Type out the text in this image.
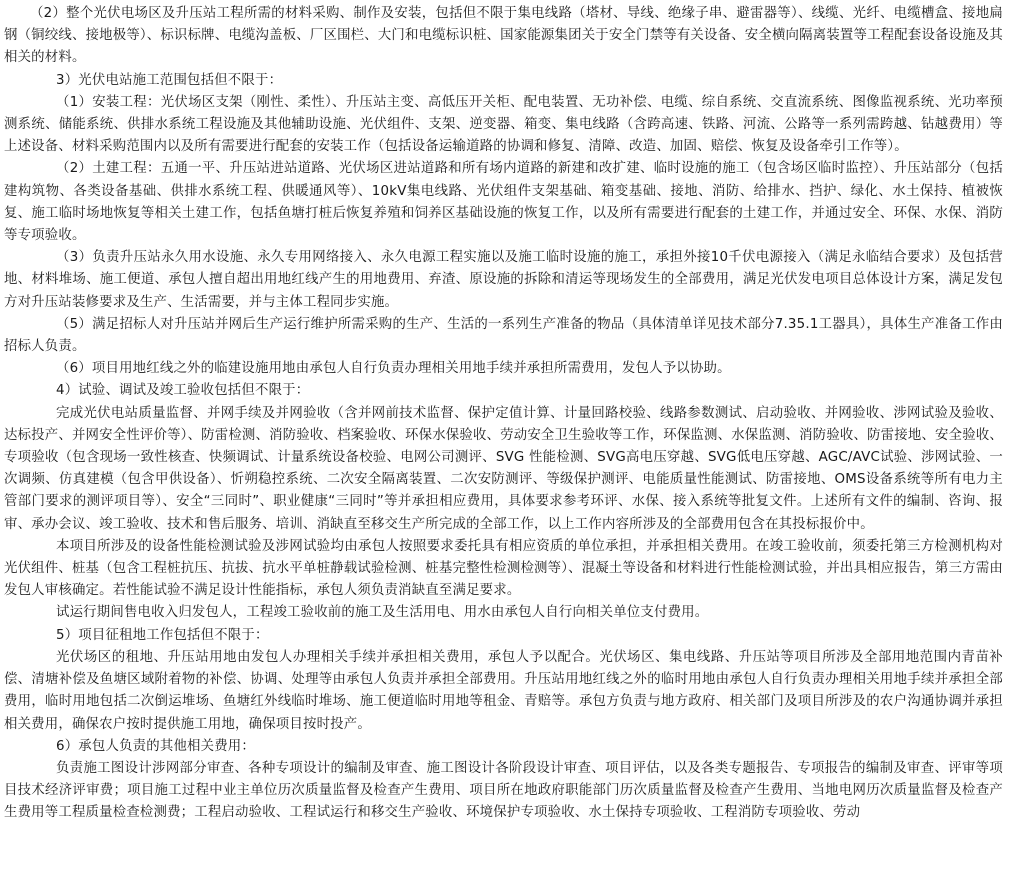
（2）整个光伏电场区及升压站工程所需的材料采购、制作及安装，包括但不限于集电线路（塔材、导线、绝缘子串、避雷器等）、线缆、光纤、电缆槽盒、接地扁钢（铜绞线、接地极等）、标识标牌、电缆沟盖板、厂区围栏、大门和电缆标识桩、国家能源集团关于安全门禁等有关设备、安全横向隔离装置等工程配套设备设施及其相关的材料。

3）光伏电站施工范围包括但不限于：

（1）安装工程：光伏场区支架（刚性、柔性）、升压站主变、高低压开关柜、配电装置、无功补偿、电缆、综自系统、交直流系统、图像监视系统、光功率预测系统、储能系统、供排水系统工程设施及其他辅助设施、光伏组件、支架、逆变器、箱变、集电线路（含跨高速、铁路、河流、公路等一系列需跨越、钻越费用）等上述设备、材料采购范围内以及所有需要进行配套的安装工作（包括设备运输道路的协调和修复、清障、改造、加固、赔偿、恢复及设备牵引工作等）。

（2）土建工程：五通一平、升压站进站道路、光伏场区进站道路和所有场内道路的新建和改扩建、临时设施的施工（包含场区临时监控）、升压站部分（包括建构筑物、各类设备基础、供排水系统工程、供暖通风等）、10kV集电线路、光伏组件支架基础、箱变基础、接地、消防、给排水、挡护、绿化、水土保持、植被恢复、施工临时场地恢复等相关土建工作，包括鱼塘打桩后恢复养殖和饲养区基础设施的恢复工作，以及所有需要进行配套的土建工作，并通过安全、环保、水保、消防等专项验收。

（3）负责升压站永久用水设施、永久专用网络接入、永久电源工程实施以及施工临时设施的施工，承担外接10千伏电源接入（满足永临结合要求）及包括营地、材料堆场、施工便道、承包人擅自超出用地红线产生的用地费用、弃渣、原设施的拆除和清运等现场发生的全部费用，满足光伏发电项目总体设计方案，满足发包方对升压站装修要求及生产、生活需要，并与主体工程同步实施。

（5）满足招标人对升压站并网后生产运行维护所需采购的生产、生活的一系列生产准备的物品（具体清单详见技术部分7.35.1工器具），具体生产准备工作由招标人负责。

（6）项目用地红线之外的临建设施用地由承包人自行负责办理相关用地手续并承担所需费用，发包人予以协助。

4）试验、调试及竣工验收包括但不限于：

完成光伏电站质量监督、并网手续及并网验收（含并网前技术监督、保护定值计算、计量回路校验、线路参数测试、启动验收、并网验收、涉网试验及验收、达标投产、并网安全性评价等）、防雷检测、消防验收、档案验收、环保水保验收、劳动安全卫生验收等工作，环保监测、水保监测、消防验收、防雷接地、安全验收、专项验收（包含现场一致性核查、快频调试、计量系统设备校验、电网公司测评、SVG 性能检测、SVG高电压穿越、SVG低电压穿越、AGC/AVC试验、涉网试验、一次调频、仿真建模（包含甲供设备）、忻朔稳控系统、二次安全隔离装置、二次安防测评、等级保护测评、电能质量性能测试、防雷接地、OMS设备系统等所有电力主管部门要求的测评项目等）、安全“三同时”、职业健康“三同时”等并承担相应费用，具体要求参考环评、水保、接入系统等批复文件。上述所有文件的编制、咨询、报审、承办会议、竣工验收、技术和售后服务、培训、消缺直至移交生产所完成的全部工作，以上工作内容所涉及的全部费用包含在其投标报价中。

本项目所涉及的设备性能检测试验及涉网试验均由承包人按照要求委托具有相应资质的单位承担，并承担相关费用。在竣工验收前，须委托第三方检测机构对光伏组件、桩基（包含工程桩抗压、抗拔、抗水平单桩静载试验检测、桩基完整性检测检测等）、混凝土等设备和材料进行性能检测试验，并出具相应报告，第三方需由发包人审核确定。若性能试验不满足设计性能指标，承包人须负责消缺直至满足要求。

试运行期间售电收入归发包人，工程竣工验收前的施工及生活用电、用水由承包人自行向相关单位支付费用。

5）项目征租地工作包括但不限于：

光伏场区的租地、升压站用地由发包人办理相关手续并承担相关费用，承包人予以配合。光伏场区、集电线路、升压站等项目所涉及全部用地范围内青苗补偿、清塘补偿及鱼塘区域附着物的补偿、协调、处理等由承包人负责并承担全部费用。升压站用地红线之外的临时用地由承包人自行负责办理相关用地手续并承担全部费用，临时用地包括二次倒运堆场、鱼塘红外线临时堆场、施工便道临时用地等租金、青赔等。承包方负责与地方政府、相关部门及项目所涉及的农户沟通协调并承担相关费用，确保农户按时提供施工用地，确保项目按时投产。

6）承包人负责的其他相关费用：

负责施工图设计涉网部分审查、各种专项设计的编制及审查、施工图设计各阶段设计审查、项目评估，以及各类专题报告、专项报告的编制及审查、评审等项目技术经济评审费；项目施工过程中业主单位历次质量监督及检查产生费用、项目所在地政府职能部门历次质量监督及检查产生费用、当地电网历次质量监督及检查产生费用等工程质量检查检测费；工程启动验收、工程试运行和移交生产验收、环境保护专项验收、水土保持专项验收、工程消防专项验收、劳动
